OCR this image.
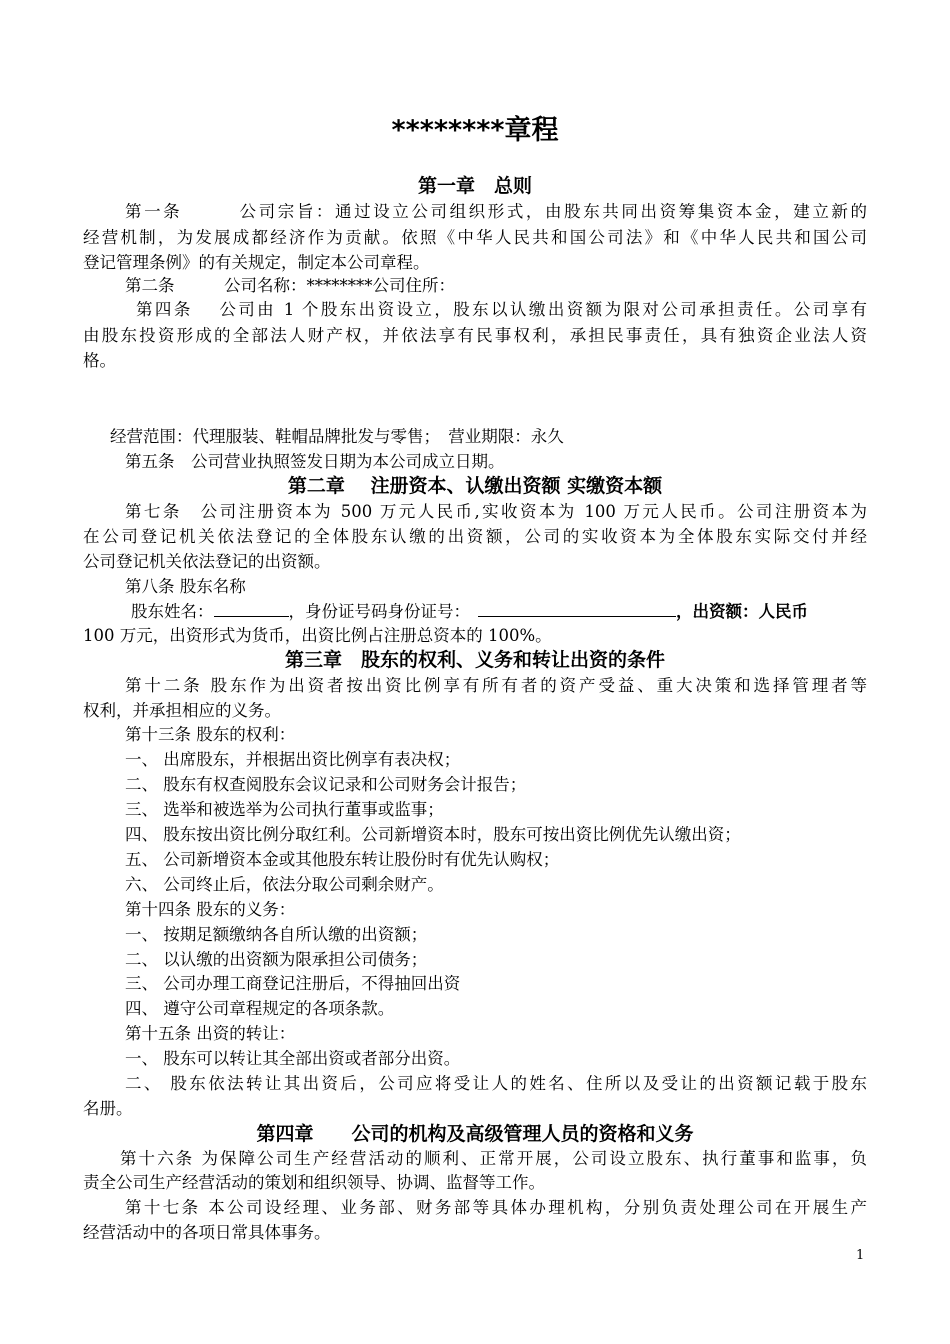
********章程
第一章　总则
第一条　　　公司宗旨：通过设立公司组织形式，由股东共同出资筹集资本金，建立新的
经营机制，为发展成都经济作为贡献。依照《中华人民共和国公司法》和《中华人民共和国公司
登记管理条例》的有关规定，制定本公司章程。
第二条　　　公司名称：********公司住所：
第四条　 公司由 1 个股东出资设立，股东以认缴出资额为限对公司承担责任。公司享有
由股东投资形成的全部法人财产权，并依法享有民事权利，承担民事责任，具有独资企业法人资
格。
经营范围：代理服装、鞋帽品牌批发与零售；　营业期限：永久
第五条　公司营业执照签发日期为本公司成立日期。
第二章　 注册资本、认缴出资额 实缴资本额
第七条　公司注册资本为 500 万元人民币,实收资本为 100 万元人民币。公司注册资本为
在公司登记机关依法登记的全体股东认缴的出资额，公司的实收资本为全体股东实际交付并经
公司登记机关依法登记的出资额。
第八条 股东名称
股东姓名：	，身份证号码身份证号：	，出资额：人民币
100 万元，出资形式为货币，出资比例占注册总资本的 100%。
第三章　股东的权利、义务和转让出资的条件
第十二条 股东作为出资者按出资比例享有所有者的资产受益、重大决策和选择管理者等
权利，并承担相应的义务。
第十三条 股东的权利：
一、 出席股东，并根据出资比例享有表决权；
二、 股东有权查阅股东会议记录和公司财务会计报告；
三、 选举和被选举为公司执行董事或监事；
四、 股东按出资比例分取红利。公司新增资本时，股东可按出资比例优先认缴出资；
五、 公司新增资本金或其他股东转让股份时有优先认购权；
六、 公司终止后，依法分取公司剩余财产。
第十四条 股东的义务：
一、 按期足额缴纳各自所认缴的出资额；
二、 以认缴的出资额为限承担公司债务；
三、 公司办理工商登记注册后，不得抽回出资
四、 遵守公司章程规定的各项条款。
第十五条 出资的转让：
一、 股东可以转让其全部出资或者部分出资。
二、 股东依法转让其出资后，公司应将受让人的姓名、住所以及受让的出资额记载于股东
名册。
第四章　　公司的机构及高级管理人员的资格和义务
第十六条 为保障公司生产经营活动的顺利、正常开展，公司设立股东、执行董事和监事，负
责全公司生产经营活动的策划和组织领导、协调、监督等工作。
第十七条 本公司设经理、业务部、财务部等具体办理机构，分别负责处理公司在开展生产
经营活动中的各项日常具体事务。
1
